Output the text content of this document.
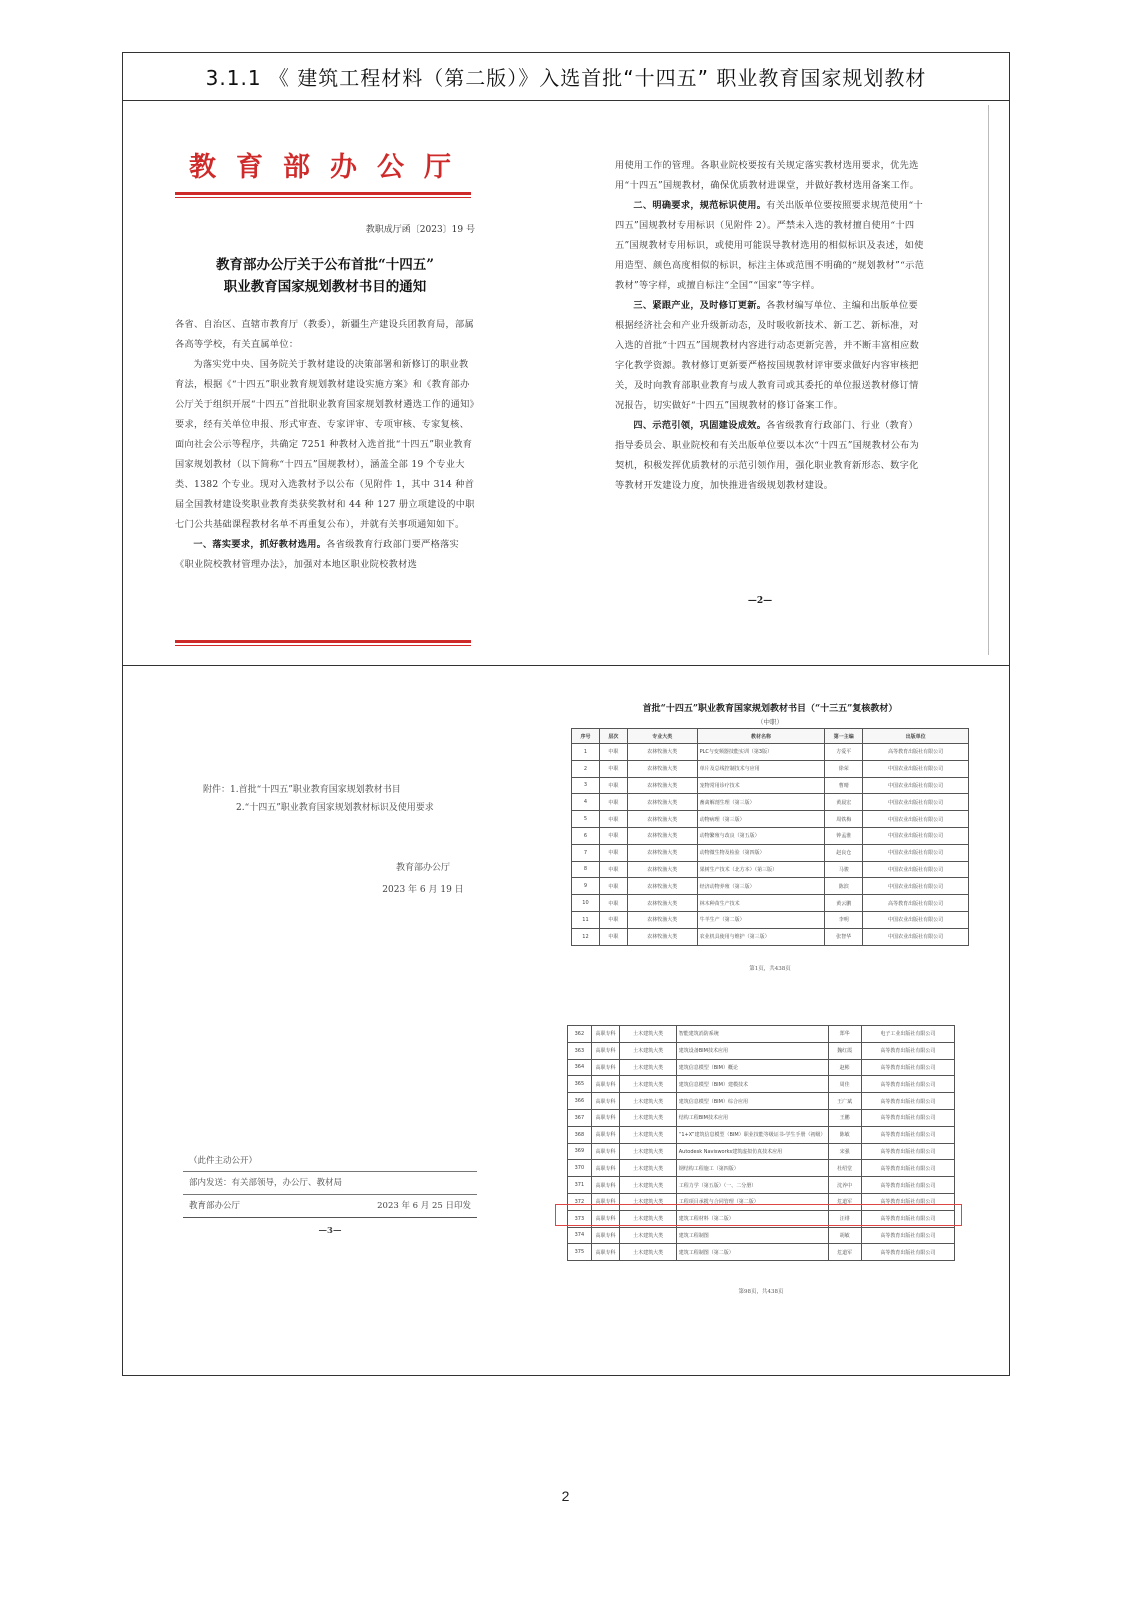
3.1.1 《 建筑工程材料（第二版）》入选首批“十四五” 职业教育国家规划教材
教育部办公厅
教职成厅函〔2023〕19 号
教育部办公厅关于公布首批“十四五”
职业教育国家规划教材书目的通知

各省、自治区、直辖市教育厅（教委），新疆生产建设兵团教育局，部属各高等学校，有关直属单位：

为落实党中央、国务院关于教材建设的决策部署和新修订的职业教育法，根据《“十四五”职业教育规划教材建设实施方案》和《教育部办公厅关于组织开展“十四五”首批职业教育国家规划教材遴选工作的通知》要求，经有关单位申报、形式审查、专家评审、专项审核、专家复核、面向社会公示等程序，共确定 7251 种教材入选首批“十四五”职业教育国家规划教材（以下简称“十四五”国规教材），涵盖全部 19 个专业大类、1382 个专业。现对入选教材予以公布（见附件 1，其中 314 种首届全国教材建设奖职业教育类获奖教材和 44 种 127 册立项建设的中职七门公共基础课程教材名单不再重复公布），并就有关事项通知如下。

一、落实要求，抓好教材选用。各省级教育行政部门要严格落实《职业院校教材管理办法》，加强对本地区职业院校教材选

用使用工作的管理。各职业院校要按有关规定落实教材选用要求，优先选用“十四五”国规教材，确保优质教材进课堂，并做好教材选用备案工作。

二、明确要求，规范标识使用。有关出版单位要按照要求规范使用“十四五”国规教材专用标识（见附件 2）。严禁未入选的教材擅自使用“十四五”国规教材专用标识，或使用可能误导教材选用的相似标识及表述，如使用造型、颜色高度相似的标识，标注主体或范围不明确的“规划教材”“示范教材”等字样，或擅自标注“全国”“国家”等字样。

三、紧跟产业，及时修订更新。各教材编写单位、主编和出版单位要根据经济社会和产业升级新动态，及时吸收新技术、新工艺、新标准，对入选的首批“十四五”国规教材内容进行动态更新完善，并不断丰富相应数字化教学资源。教材修订更新要严格按国规教材评审要求做好内容审核把关，及时向教育部职业教育与成人教育司或其委托的单位报送教材修订情况报告，切实做好“十四五”国规教材的修订备案工作。

四、示范引领，巩固建设成效。各省级教育行政部门、行业（教育）指导委员会、职业院校和有关出版单位要以本次“十四五”国规教材公布为契机，积极发挥优质教材的示范引领作用，强化职业教育新形态、数字化等教材开发建设力度，加快推进省级规划教材建设。

—2—
附件：1.首批“十四五”职业教育国家规划教材书目
2.“十四五”职业教育国家规划教材标识及使用要求
教育部办公厅
2023 年 6 月 19 日
（此件主动公开）
部内发送：有关部领导，办公厅、教材局
教育部办公厅	2023 年 6 月 25 日印发
—3—
首批“十四五”职业教育国家规划教材书目（“十三五”复核教材）
（中职）
序号	层次	专业大类	教材名称	第一主编	出版单位
1	中职	农林牧渔大类	PLC与变频器技能实训（第3版）	方爱平	高等教育出版社有限公司
2	中职	农林牧渔大类	单片及总线控制技术与应用	徐荣	中国农业出版社有限公司
3	中职	农林牧渔大类	宠物常用诊疗技术	曹晴	中国农业出版社有限公司
4	中职	农林牧渔大类	畜禽解剖生理（第三版）	黄晨宏	中国农业出版社有限公司
5	中职	农林牧渔大类	动物病理（第三版）	周铁梅	中国农业出版社有限公司
6	中职	农林牧渔大类	动物繁殖与改良（第五版）	钟孟淮	中国农业出版社有限公司
7	中职	农林牧渔大类	动物微生物及检验（第四版）	赵良仓	中国农业出版社有限公司
8	中职	农林牧渔大类	果树生产技术（北方本）（第三版）	马骏	中国农业出版社有限公司
9	中职	农林牧渔大类	经济动物养殖（第三版）	陈滨	中国农业出版社有限公司
10	中职	农林牧渔大类	林木种苗生产技术	黄云鹏	高等教育出版社有限公司
11	中职	农林牧渔大类	牛羊生产（第二版）	李明	中国农业出版社有限公司
12	中职	农林牧渔大类	农业机具使用与维护（第三版）	张智华	中国农业出版社有限公司
第1页，共438页
362	高职专科	土木建筑大类	智能建筑消防系统	郑华	电子工业出版社有限公司
363	高职专科	土木建筑大类	建筑设备BIM技术应用	魏红霞	高等教育出版社有限公司
364	高职专科	土木建筑大类	建筑信息模型（BIM）概论	赵彬	高等教育出版社有限公司
365	高职专科	土木建筑大类	建筑信息模型（BIM）建模技术	周佳	高等教育出版社有限公司
366	高职专科	土木建筑大类	建筑信息模型（BIM）综合应用	王广斌	高等教育出版社有限公司
367	高职专科	土木建筑大类	结构工程BIM技术应用	王鹏	高等教育出版社有限公司
368	高职专科	土木建筑大类	“1+X”建筑信息模型（BIM）职业技能等级证书-学生手册（初级）	陈敏	高等教育出版社有限公司
369	高职专科	土木建筑大类	Autodesk Navisworks建筑虚拟仿真技术应用	宋强	高等教育出版社有限公司
370	高职专科	土木建筑大类	钢结构工程施工（第四版）	杜绍堂	高等教育出版社有限公司
371	高职专科	土木建筑大类	工程力学（第五版）（一、二分册）	沈养中	高等教育出版社有限公司
372	高职专科	土木建筑大类	工程项目承揽与合同管理（第二版）	危道军	高等教育出版社有限公司
373	高职专科	土木建筑大类	建筑工程材料（第二版）	汪绯	高等教育出版社有限公司
374	高职专科	土木建筑大类	建筑工程制图	胡敏	高等教育出版社有限公司
375	高职专科	土木建筑大类	建筑工程制图（第二版）	危道军	高等教育出版社有限公司
第98页，共438页
2
